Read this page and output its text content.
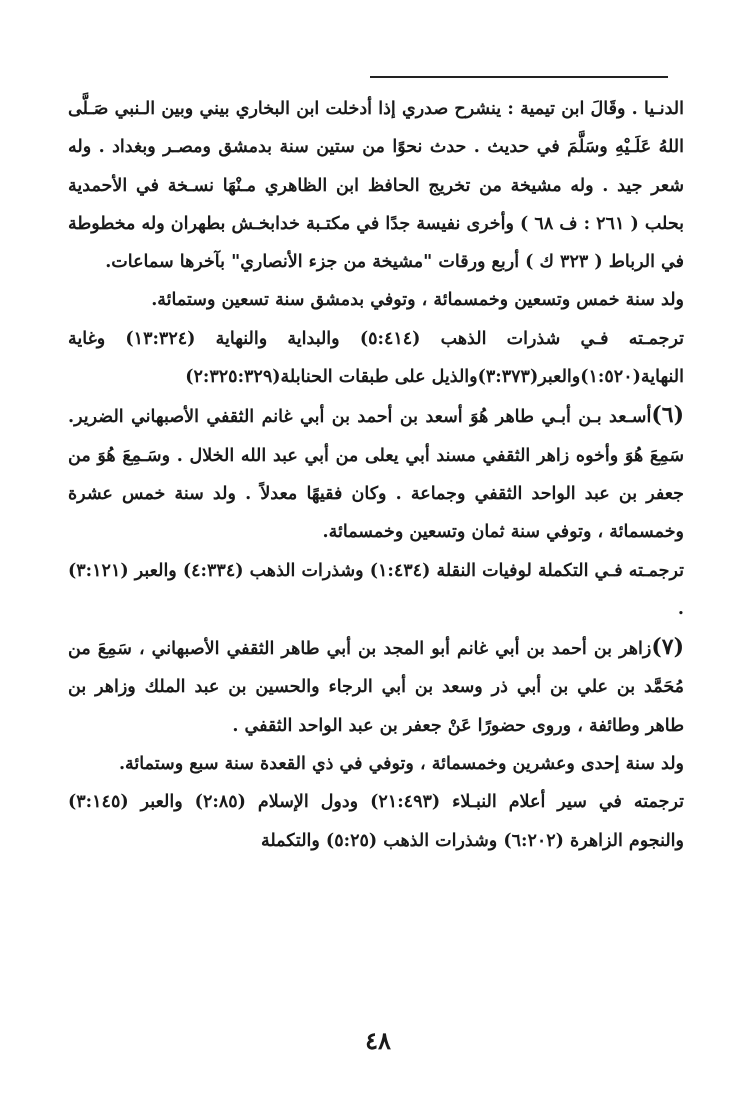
الدنـيا . وقَالَ ابن تيمية : ينشرح صدري إذا أدخلت ابن البخاري بيني وبين الـنبي صَـلَّى اللهُ عَلَـيْهِ وسَلَّمَ في حديث . حدث نحوًا من ستين سنة بدمشق ومصـر وبغداد . وله شعر جيد . وله مشيخة من تخريج الحافظ ابن الظاهري مـنْهَا نسـخة في الأحمدية بحلب ( ٢٦١ : ف ٦٨ ) وأخرى نفيسة جدًا في مكتـبة خدابخـش بطهران وله مخطوطة في الرباط ( ٣٢٣ ك ) أربع ورقات "مشيخة من جزء الأنصاري" بآخرها سماعات.

ولد سنة خمس وتسعين وخمسمائة ، وتوفي بدمشق سنة تسعين وستمائة.

ترجمـته فـي شذرات الذهب (٥:٤١٤) والبداية والنهاية (١٣:٣٢٤) وغاية النهاية(١:٥٢٠)والعبر(٣:٣٧٣)والذيل على طبقات الحنابلة(٢:٣٢٥:٣٢٩)

(٦)أسـعد بـن أبـي طاهر هُوَ أسعد بن أحمد بن أبي غانم الثقفي الأصبهاني الضرير. سَمِعَ هُوَ وأخوه زاهر الثقفي مسند أبي يعلى من أبي عبد الله الخلال . وسَـمِعَ هُوَ من جعفر بن عبد الواحد الثقفي وجماعة . وكان فقيهًا معدلاً . ولد سنة خمس عشرة وخمسمائة ، وتوفي سنة ثمان وتسعين وخمسمائة.

ترجمـته فـي التكملة لوفيات النقلة (١:٤٣٤) وشذرات الذهب (٤:٣٣٤) والعبر (٣:١٢١) .

(٧)زاهر بن أحمد بن أبي غانم أبو المجد بن أبي طاهر الثقفي الأصبهاني ، سَمِعَ من مُحَمَّد بن علي بن أبي ذر وسعد بن أبي الرجاء والحسين بن عبد الملك وزاهر بن طاهر وطائفة ، وروى حضورًا عَنْ جعفر بن عبد الواحد الثقفي .

ولد سنة إحدى وعشرين وخمسمائة ، وتوفي في ذي القعدة سنة سبع وستمائة.

ترجمته في سير أعلام النبـلاء (٢١:٤٩٣) ودول الإسلام (٢:٨٥) والعبر (٣:١٤٥) والنجوم الزاهرة (٦:٢٠٢) وشذرات الذهب (٥:٢٥) والتكملة

٤٨
